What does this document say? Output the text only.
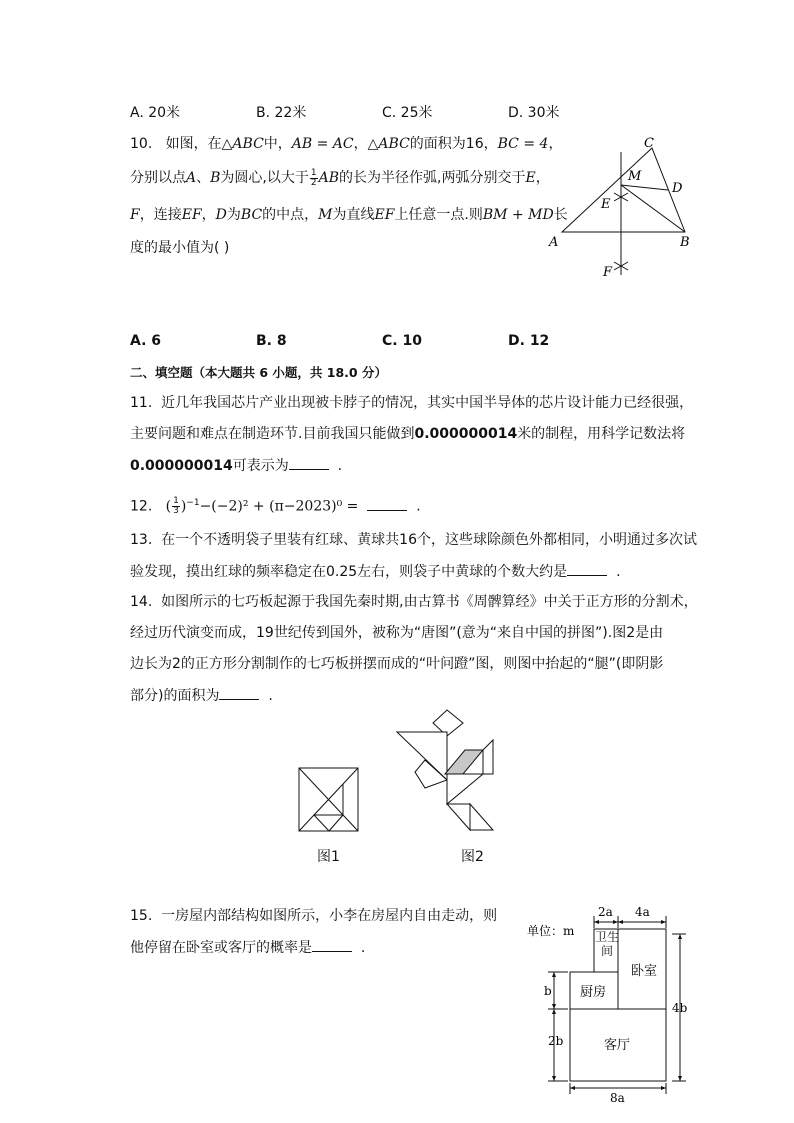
A. 20米	B. 22米	C. 25米	D. 30米
10. 如图，在△ABC中，AB = AC，△ABC的面积为16，BC = 4，
分别以点A、B为圆心,以大于 $\frac{1}{2}$ AB的长为半径作弧,两弧分别交于E，
F，连接EF，D为BC的中点，M为直线EF上任意一点.则BM + MD长
度的最小值为( )
C
D
M
E
A	B
F
A. 6	B. 8	C. 10	D. 12
二、填空题（本大题共 6 小题，共 18.0 分）
11. 近几年我国芯片产业出现被卡脖子的情况，其实中国半导体的芯片设计能力已经很强，
主要问题和难点在制造环节.目前我国只能做到0.000000014米的制程，用科学记数法将
0.000000014可表示为	.
12. ( $\frac{1}{3} )^{-1}-(-2)^2 + (\pi-2023)^0$ =	.
13. 在一个不透明袋子里装有红球、黄球共16个，这些球除颜色外都相同，小明通过多次试
验发现，摸出红球的频率稳定在0.25左右，则袋子中黄球的个数大约是	.
14. 如图所示的七巧板起源于我国先秦时期,由古算书《周髀算经》中关于正方形的分割术，
经过历代演变而成，19世纪传到国外，被称为“唐图”(意为“来自中国的拼图”).图2是由
边长为2的正方形分割制作的七巧板拼摆而成的“叶问蹬”图，则图中抬起的“腿”(即阴影
部分)的面积为	.
图1	图2
15. 一房屋内部结构如图所示，小李在房屋内自由走动，则
他停留在卧室或客厅的概率是	.
单位：m
2a 4a
b
2b
4b
8a
卧室
厨房
客厅
卫生间
